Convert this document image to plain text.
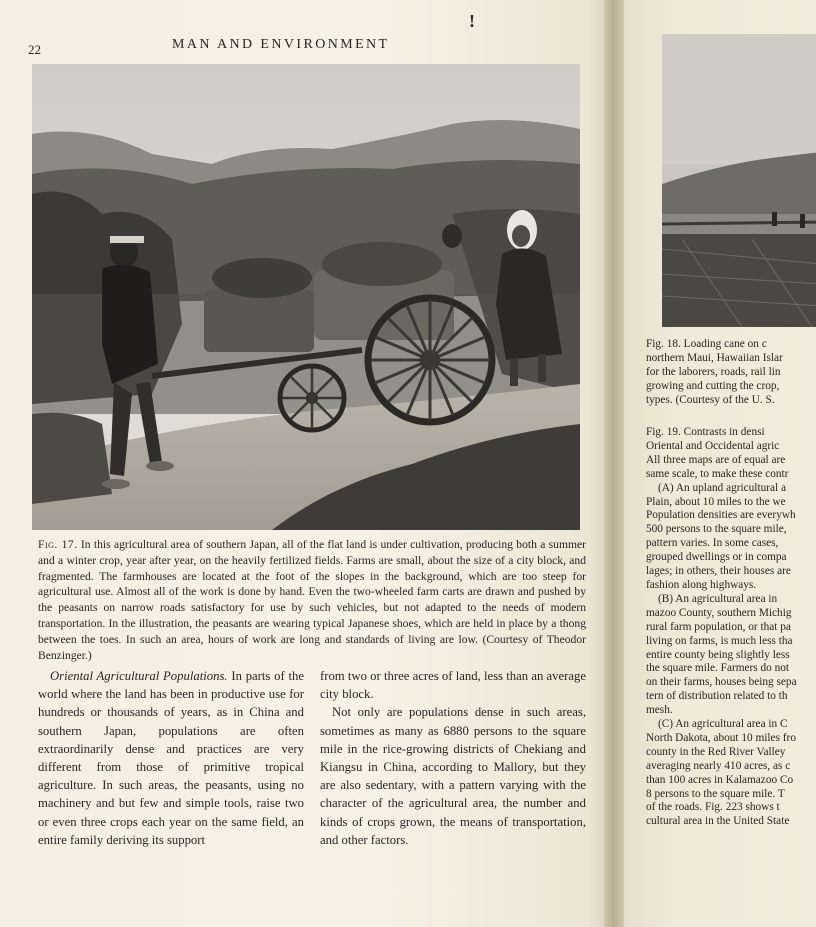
!
22	MAN AND ENVIRONMENT
Fig. 17. In this agricultural area of southern Japan, all of the flat land is under cultivation, producing both a summer and a winter crop, year after year, on the heavily fertilized fields. Farms are small, about the size of a city block, and fragmented. The farmhouses are located at the foot of the slopes in the background, which are too steep for agricultural use. Almost all of the work is done by hand. Even the two-wheeled farm carts are drawn and pushed by the peasants on narrow roads satisfactory for use by such vehicles, but not adapted to the needs of modern transportation. In the illustration, the peasants are wearing typical Japanese shoes, which are held in place by a thong between the toes. In such an area, hours of work are long and standards of living are low. (Courtesy of Theodor Benzinger.)

Oriental Agricultural Populations. In parts of the world where the land has been in productive use for hundreds or thousands of years, as in China and southern Japan, populations are often extraordinarily dense and practices are very different from those of primitive tropical agriculture. In such areas, the peasants, using no machinery and but few and simple tools, raise two or even three crops each year on the same field, an entire family deriving its support

from two or three acres of land, less than an average city block.

Not only are populations dense in such areas, sometimes as many as 6880 persons to the square mile in the rice-growing districts of Chekiang and Kiangsu in China, according to Mallory, but they are also sedentary, with a pattern varying with the character of the agricultural area, the number and kinds of crops grown, the means of transportation, and other factors.

Fig. 18. Loading cane on c

northern Maui, Hawaiian Islar

for the laborers, roads, rail lin

growing and cutting the crop,

types. (Courtesy of the U. S.

Fig. 19. Contrasts in densi

Oriental and Occidental agric

All three maps are of equal are

same scale, to make these contr

(A) An upland agricultural a

Plain, about 10 miles to the we

Population densities are everywh

500 persons to the square mile,

pattern varies. In some cases,

grouped dwellings or in compa

lages; in others, their houses are

fashion along highways.

(B) An agricultural area in

mazoo County, southern Michig

rural farm population, or that pa

living on farms, is much less tha

entire county being slightly less

the square mile. Farmers do not

on their farms, houses being sepa

tern of distribution related to th

mesh.

(C) An agricultural area in C

North Dakota, about 10 miles fro

county in the Red River Valley

averaging nearly 410 acres, as c

than 100 acres in Kalamazoo Co

8 persons to the square mile. T

of the roads. Fig. 223 shows t

cultural area in the United State
